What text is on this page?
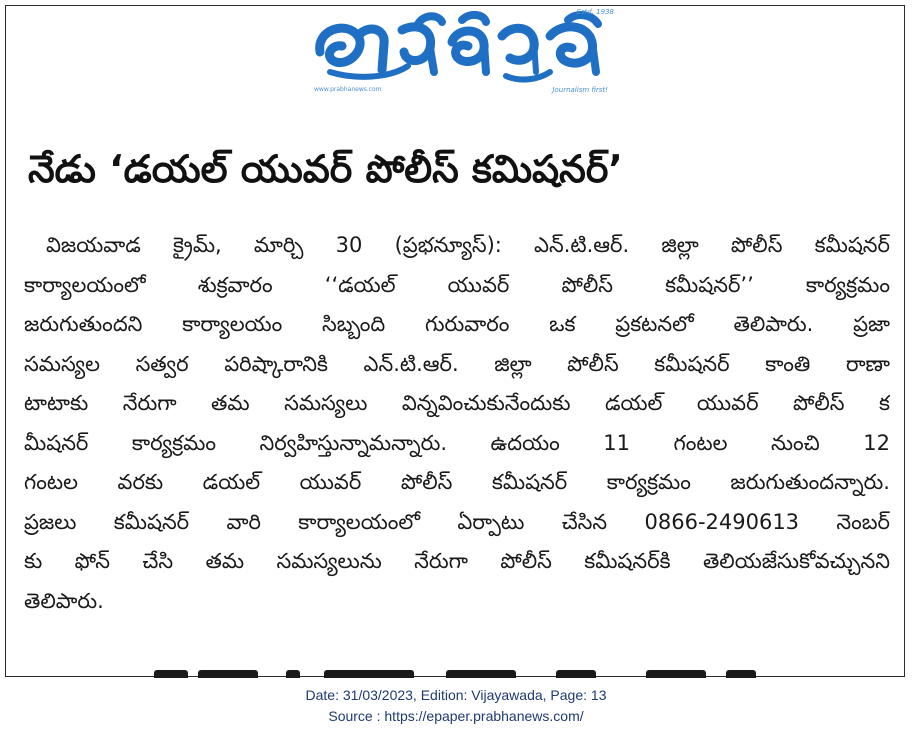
Estd. 1938
www.prabhanews.com	Journalism first!
నేడు ‘డయల్ యువర్ పోలీస్ కమిషనర్’
విజయవాడ క్రైమ్, మార్చి 30 (ప్రభన్యూస్): ఎన్.టి.ఆర్. జిల్లా పోలీస్ కమీషనర్
కార్యాలయంలో శుక్రవారం ‘‘డయల్ యువర్ పోలీస్ కమీషనర్’’ కార్యక్రమం
జరుగుతుందని కార్యాలయం సిబ్బంది గురువారం ఒక ప్రకటనలో తెలిపారు. ప్రజా
సమస్యల సత్వర పరిష్కారానికి ఎన్.టి.ఆర్. జిల్లా పోలీస్ కమీషనర్ కాంతి రాణా
టాటాకు నేరుగా తమ సమస్యలు విన్నవించుకునేందుకు డయల్ యువర్ పోలీస్ క
మీషనర్ కార్యక్రమం నిర్వహిస్తున్నామన్నారు. ఉదయం 11 గంటల నుంచి 12
గంటల వరకు డయల్ యువర్ పోలీస్ కమీషనర్ కార్యక్రమం జరుగుతుందన్నారు.
ప్రజలు కమీషనర్ వారి కార్యాలయంలో ఏర్పాటు చేసిన 0866-2490613 నెంబర్
కు ఫోన్ చేసి తమ సమస్యలును నేరుగా పోలీస్ కమీషనర్‌కి తెలియజేసుకోవచ్చునని
తెలిపారు.
Date: 31/03/2023, Edition: Vijayawada, Page: 13
Source : https://epaper.prabhanews.com/
